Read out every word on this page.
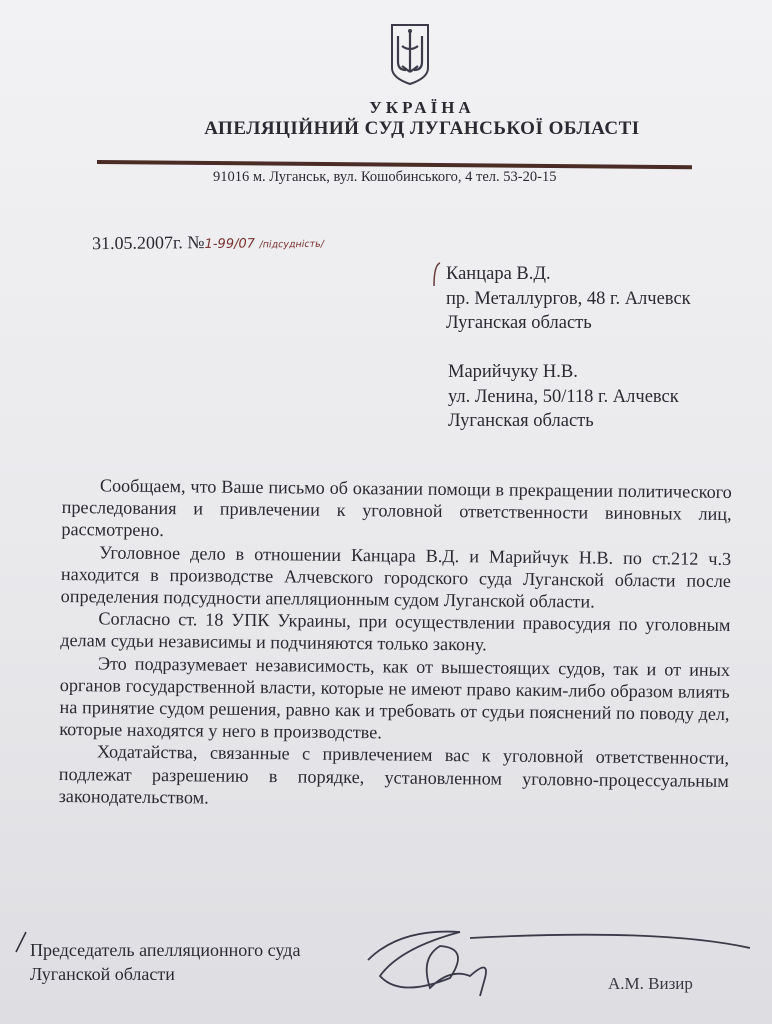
УКРАЇНА
АПЕЛЯЦІЙНИЙ СУД ЛУГАНСЬКОЇ ОБЛАСТІ
91016 м. Луганськ, вул. Кошобинського, 4 тел. 53-20-15
31.05.2007г. №1-99/07 /підсудність/
Канцара В.Д.
пр. Металлургов, 48 г. Алчевск
Луганская область
Марийчуку Н.В.
ул. Ленина, 50/118 г. Алчевск
Луганская область

Сообщаем, что Ваше письмо об оказании помощи в прекращении политического преследования и привлечении к уголовной ответственности виновных лиц, рассмотрено.

Уголовное дело в отношении Канцара В.Д. и Марийчук Н.В. по ст.212 ч.3 находится в производстве Алчевского городского суда Луганской области после определения подсудности апелляционным судом Луганской области.

Согласно ст. 18 УПК Украины, при осуществлении правосудия по уголовным делам судьи независимы и подчиняются только закону.

Это подразумевает независимость, как от вышестоящих судов, так и от иных органов государственной власти, которые не имеют право каким-либо образом влиять на принятие судом решения, равно как и требовать от судьи пояснений по поводу дел, которые находятся у него в производстве.

Ходатайства, связанные с привлечением вас к уголовной ответственности, подлежат разрешению в порядке, установленном уголовно-процессуальным законодательством.

Председатель апелляционного суда
Луганской области	А.М. Визир
